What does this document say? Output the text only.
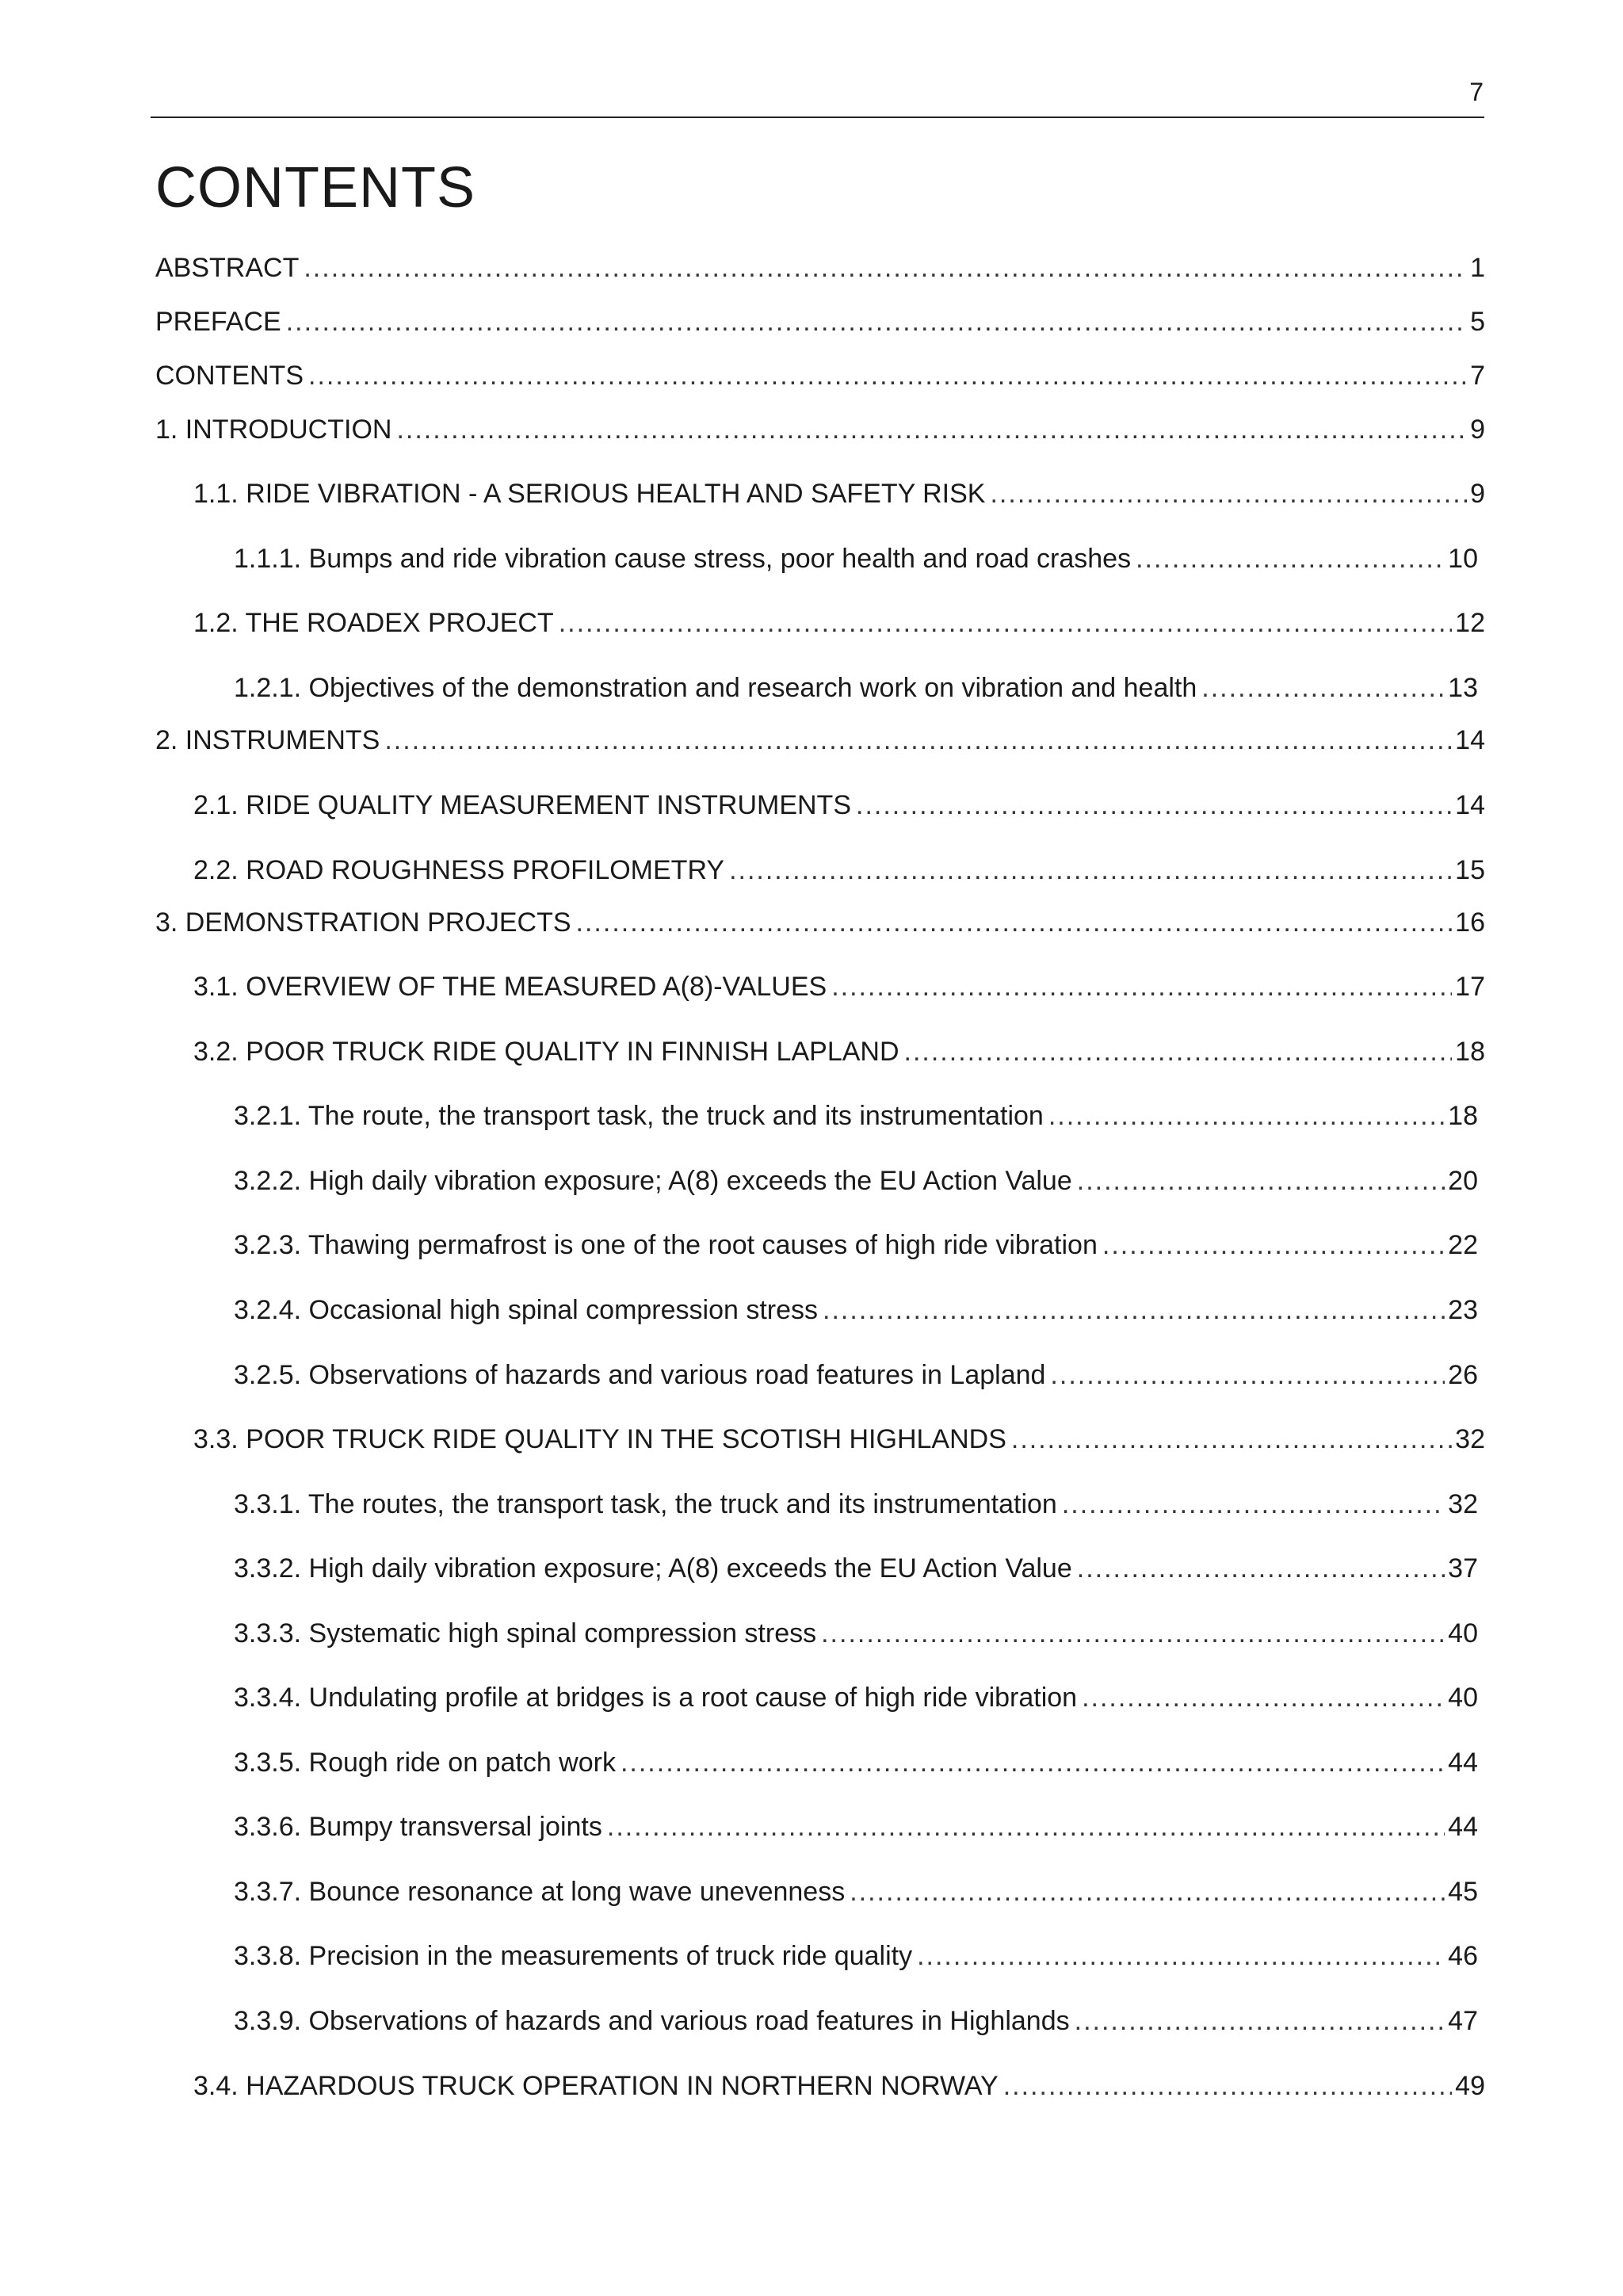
7
CONTENTS
ABSTRACT .....	1
PREFACE .....	5
CONTENTS .....	7
1. INTRODUCTION .....	9
1.1. RIDE VIBRATION - A SERIOUS HEALTH AND SAFETY RISK .....	9
1.1.1. Bumps and ride vibration cause stress, poor health and road crashes .....	10
1.2. THE ROADEX PROJECT .....	12
1.2.1. Objectives of the demonstration and research work on vibration and health .....	13
2. INSTRUMENTS .....	14
2.1. RIDE QUALITY MEASUREMENT INSTRUMENTS .....	14
2.2. ROAD ROUGHNESS PROFILOMETRY .....	15
3. DEMONSTRATION PROJECTS .....	16
3.1. OVERVIEW OF THE MEASURED A(8)-VALUES .....	17
3.2. POOR TRUCK RIDE QUALITY IN FINNISH LAPLAND .....	18
3.2.1. The route, the transport task, the truck and its instrumentation .....	18
3.2.2. High daily vibration exposure; A(8) exceeds the EU Action Value .....	20
3.2.3. Thawing permafrost is one of the root causes of high ride vibration .....	22
3.2.4. Occasional high spinal compression stress .....	23
3.2.5. Observations of hazards and various road features in Lapland .....	26
3.3. POOR TRUCK RIDE QUALITY IN THE SCOTISH HIGHLANDS .....	32
3.3.1. The routes, the transport task, the truck and its instrumentation .....	32
3.3.2. High daily vibration exposure; A(8) exceeds the EU Action Value .....	37
3.3.3. Systematic high spinal compression stress .....	40
3.3.4. Undulating profile at bridges is a root cause of high ride vibration .....	40
3.3.5. Rough ride on patch work .....	44
3.3.6. Bumpy transversal joints .....	44
3.3.7. Bounce resonance at long wave unevenness .....	45
3.3.8. Precision in the measurements of truck ride quality .....	46
3.3.9. Observations of hazards and various road features in Highlands .....	47
3.4. HAZARDOUS TRUCK OPERATION IN NORTHERN NORWAY .....	49
